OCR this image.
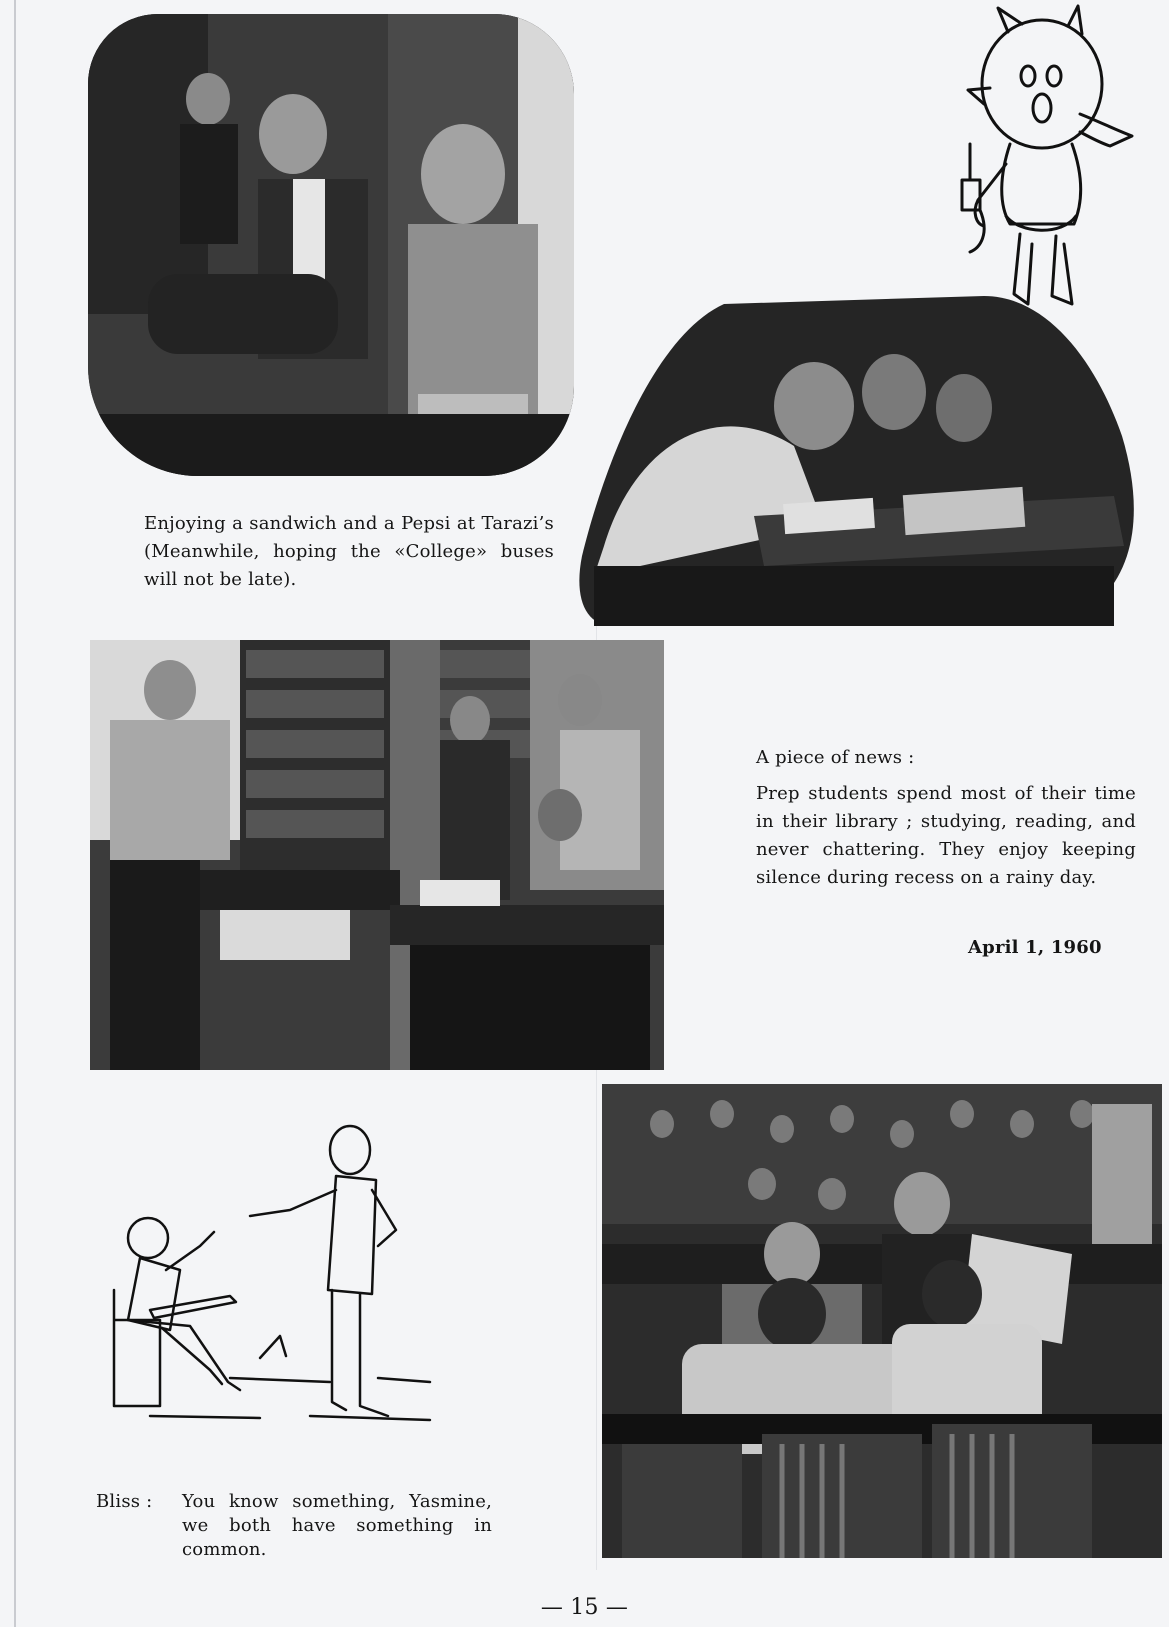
Enjoying a sandwich and a Pepsi at Tarazi’s (Meanwhile, hoping the «College» buses will not be late).
A piece of news :
Prep students spend most of their time in their library ; studying, reading, and never chattering. They enjoy keeping silence during recess on a rainy day.
April 1, 1960
Bliss : You know something, Yasmine, we both have something in common.
— 15 —
